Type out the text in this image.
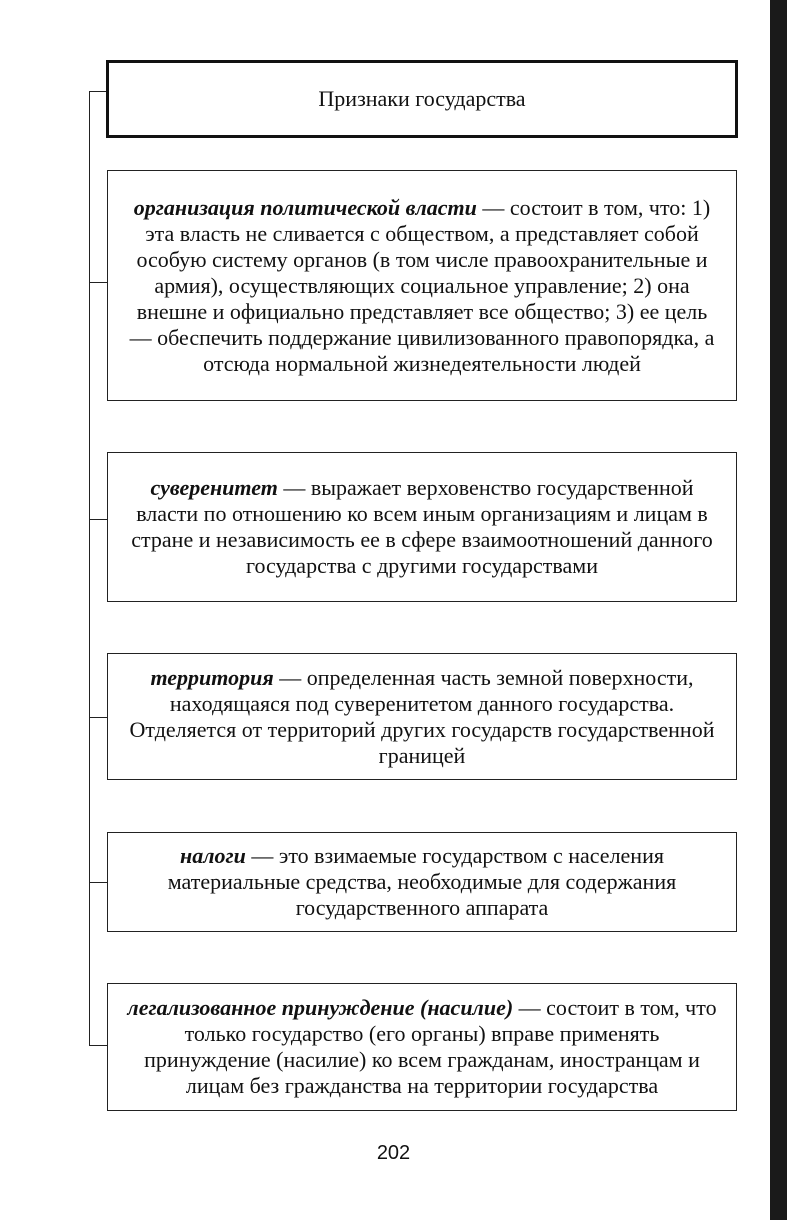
Признаки государства
организация политической власти — состоит в том, что: 1) эта власть не сливается с обществом, а представляет собой особую систему органов (в том числе правоохранительные и армия), осуществляющих социальное управление; 2) она внешне и официально представляет все общество; 3) ее цель — обеспечить поддержание цивилизованного правопорядка, а отсюда нормальной жизнедеятельности людей
суверенитет — выражает верховенство государственной власти по отношению ко всем иным организациям и лицам в стране и независимость ее в сфере взаимоотношений данного государства с другими государствами
территория — определенная часть земной поверхности, находящаяся под суверенитетом данного государства. Отделяется от территорий других государств государственной границей
налоги — это взимаемые государством с населения материальные средства, необходимые для содержания государственного аппарата
легализованное принуждение (насилие) — состоит в том, что только государство (его органы) вправе применять принуждение (насилие) ко всем гражданам, иностранцам и лицам без гражданства на территории государства
202
